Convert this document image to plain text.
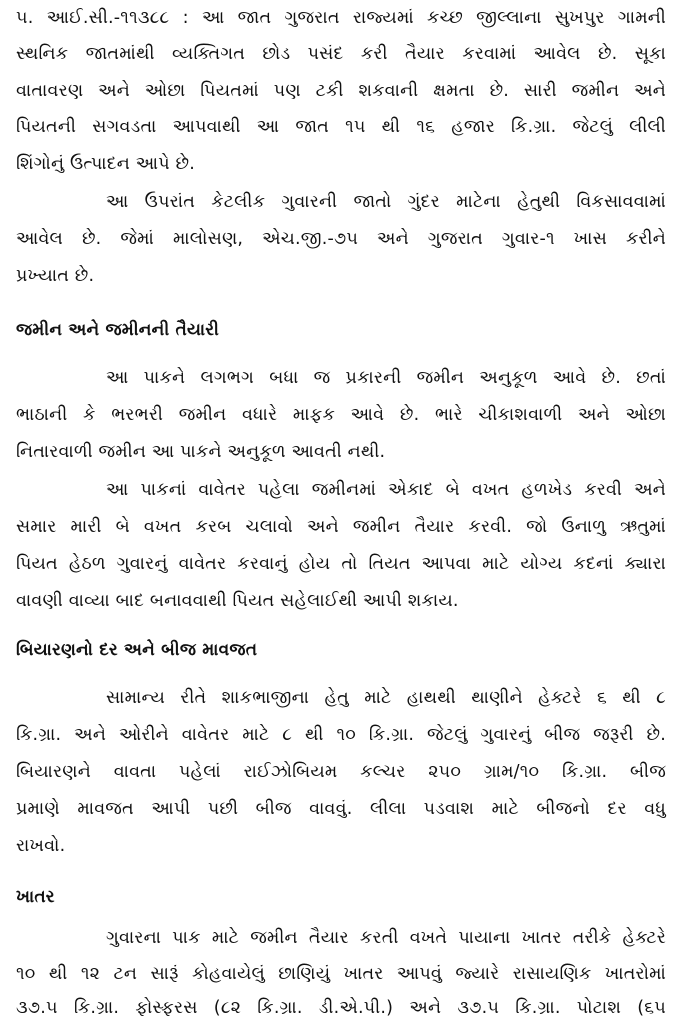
૫. આઈ.સી.-૧૧૩૮૮ : આ જાત ગુજરાત રાજ્યમાં કચ્છ જીલ્લાના સુખપુર ગામની
સ્થનિક જાતમાંથી વ્યક્તિગત છોડ પસંદ કરી તૈયાર કરવામાં આવેલ છે. સૂકા
વાતાવરણ અને ઓછા પિયતમાં પણ ટકી શકવાની ક્ષમતા છે. સારી જમીન અને
પિયતની સગવડતા આપવાથી આ જાત ૧૫ થી ૧૬ હજાર કિ.ગ્રા. જેટલું લીલી
શિંગોનું ઉત્પાદન આપે છે.
આ ઉપરાંત કેટલીક ગુવારની જાતો ગુંદર માટેના હેતુથી વિકસાવવામાં
આવેલ છે. જેમાં માલોસણ, એચ.જી.-૭૫ અને ગુજરાત ગુવાર-૧ ખાસ કરીને
પ્રખ્યાત છે.
જમીન અને જમીનની તૈયારી
આ પાકને લગભગ બધા જ પ્રકારની જમીન અનુકૂળ આવે છે. છતાં
ભાઠાની કે ભરભરી જમીન વધારે માફક આવે છે. ભારે ચીકાશવાળી અને ઓછા
નિતારવાળી જમીન આ પાકને અનુકૂળ આવતી નથી.
આ પાકનાં વાવેતર પહેલા જમીનમાં એકાદ બે વખત હળખેડ કરવી અને
સમાર મારી બે વખત કરબ ચલાવો અને જમીન તૈયાર કરવી. જો ઉનાળુ ઋતુમાં
પિયત હેઠળ ગુવારનું વાવેતર કરવાનું હોય તો તિયત આપવા માટે યોગ્ય કદનાં ક્યારા
વાવણી વાવ્યા બાદ બનાવવાથી પિયત સહેલાઈથી આપી શકાય.
બિયારણનો દર અને બીજ માવજત
સામાન્ય રીતે શાકભાજીના હેતુ માટે હાથથી થાણીને હેક્ટરે ૬ થી ૮
કિ.ગ્રા. અને ઓરીને વાવેતર માટે ૮ થી ૧૦ કિ.ગ્રા. જેટલું ગુવારનું બીજ જરૂરી છે.
બિયારણને વાવતા પહેલાં રાઈઝોબિયમ કલ્ચર ૨૫૦ ગ્રામ/૧૦ કિ.ગ્રા. બીજ
પ્રમાણે માવજત આપી પછી બીજ વાવવું. લીલા પડવાશ માટે બીજનો દર વધુ
રાખવો.
ખાતર
ગુવારના પાક માટે જમીન તૈયાર કરતી વખતે પાયાના ખાતર તરીકે હેક્ટરે
૧૦ થી ૧૨ ટન સારૂં કોહવાયેલું છાણિયું ખાતર આપવું જ્યારે રાસાયણિક ખાતરોમાં
૩૭.૫ કિ.ગ્રા. ફોસ્ફરસ (૮૨ કિ.ગ્રા. ડી.એ.પી.) અને ૩૭.૫ કિ.ગ્રા. પોટાશ (૬૫
